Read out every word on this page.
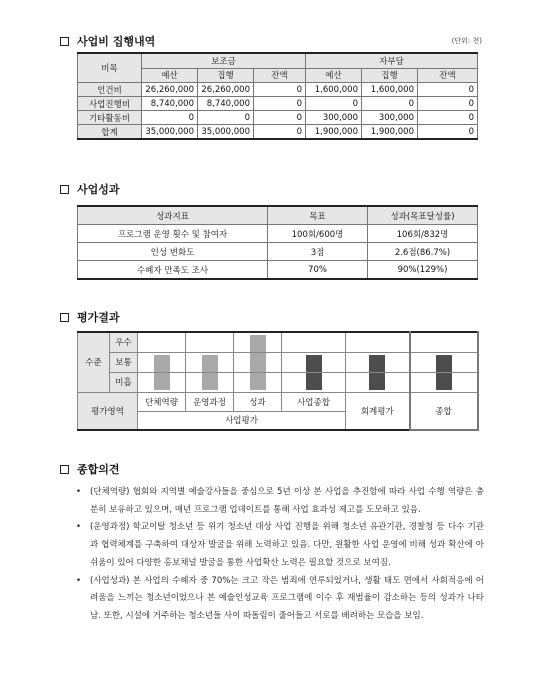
사업비 집행내역	(단위: 천)
비목	보조금			자부담		
	예산	집행	잔액	예산	집행	잔액
인건비	26,260,000	26,260,000	0	1,600,000	1,600,000	0
사업진행비	8,740,000	8,740,000	0	0	0	0
기타활동비	0	0	0	300,000	300,000	0
합계	35,000,000	35,000,000	0	1,900,000	1,900,000	0
사업성과
성과지표	목표	성과(목표달성률)
프로그램 운영 횟수 및 참여자	100회/600명	106회/832명
인성 변화도	3점	2.6점(86.7%)
수혜자 만족도 조사	70%	90%(129%)
평가결과
수준	우수			

	보통	

	미흡	

평가영역		단체역량	운영과정	성과	사업종합	회계평가	종합
		사업평가					
종합의견
• (단체역량) 협회와 지역별 예술강사들을 중심으로 5년 이상 본 사업을 추진함에 따라 사업 수행 역량은 충분히 보유하고 있으며, 매년 프로그램 업데이트를 통해 사업 효과성 제고를 도모하고 있음.
• (운영과정) 학교이탈 청소년 등 위기 청소년 대상 사업 진행을 위해 청소년 유관기관, 경찰청 등 다수 기관과 협력체계를 구축하여 대상자 발굴을 위해 노력하고 있음. 다만, 원활한 사업 운영에 비해 성과 확산에 아쉬움이 있어 다양한 홍보채널 발굴을 통한 사업확산 노력은 필요할 것으로 보여짐.
• (사업성과) 본 사업의 수혜자 중 70%는 크고 작은 범죄에 연루되었거나, 생활 태도 면에서 사회적응에 어려움을 느끼는 청소년이었으나 본 예술인성교육 프로그램에 이수 후 재범율이 감소하는 등의 성과가 나타남. 또한, 시설에 거주하는 청소년들 사이 따돌림이 줄어들고 서로를 배려하는 모습을 보임.
